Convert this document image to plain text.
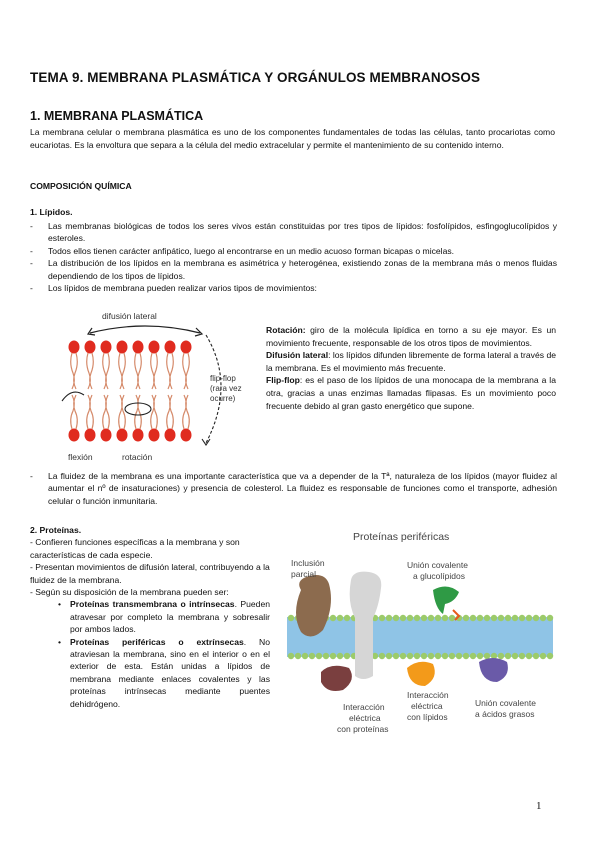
TEMA 9. MEMBRANA PLASMÁTICA Y ORGÁNULOS MEMBRANOSOS
1. MEMBRANA PLASMÁTICA
La membrana celular o membrana plasmática es uno de los componentes fundamentales de todas las células, tanto procariotas como eucariotas. Es la envoltura que separa a la célula del medio extracelular y permite el mantenimiento de su contenido interno.
COMPOSICIÓN QUÍMICA
1. Lípidos.
- Las membranas biológicas de todos los seres vivos están constituidas por tres tipos de lípidos: fosfolípidos, esfingoglucolípidos y esteroles.
- Todos ellos tienen carácter anfipático, luego al encontrarse en un medio acuoso forman bicapas o micelas.
- La distribución de los lípidos en la membrana es asimétrica y heterogénea, existiendo zonas de la membrana más o menos fluidas dependiendo de los tipos de lípidos.
- Los lípidos de membrana pueden realizar varios tipos de movimientos:
difusión lateral
flip-flop
(rara vez
ocurre)
flexión	rotación

Rotación: giro de la molécula lipídica en torno a su eje mayor. Es un movimiento frecuente, responsable de los otros tipos de movimientos.

Difusión lateral: los lípidos difunden libremente de forma lateral a través de la membrana. Es el movimiento más frecuente.

Flip-flop: es el paso de los lípidos de una monocapa de la membrana a la otra, gracias a unas enzimas llamadas flipasas. Es un movimiento poco frecuente debido al gran gasto energético que supone.

- La fluidez de la membrana es una importante característica que va a depender de la Tª, naturaleza de los lípidos (mayor fluidez al aumentar el nº de insaturaciones) y presencia de colesterol. La fluidez es responsable de funciones como el transporte, adhesión celular o función inmunitaria.

2. Proteínas.

- Confieren funciones específicas a la membrana y son características de cada especie.

- Presentan movimientos de difusión lateral, contribuyendo a la fluidez de la membrana.

- Según su disposición de la membrana pueden ser:

• Proteínas transmembrana o intrínsecas. Pueden atravesar por completo la membrana y sobresalir por ambos lados.
• Proteínas periféricas o extrínsecas. No atraviesan la membrana, sino en el interior o en el exterior de esta. Están unidas a lípidos de membrana mediante enlaces covalentes y las proteínas intrínsecas mediante puentes dehidrógeno.
Proteínas periféricas
Inclusión
parcial
Unión covalente
a glucolípidos
Interacción
eléctrica
con proteínas
Interacción
eléctrica
con lípidos
Unión covalente
a ácidos grasos
1
